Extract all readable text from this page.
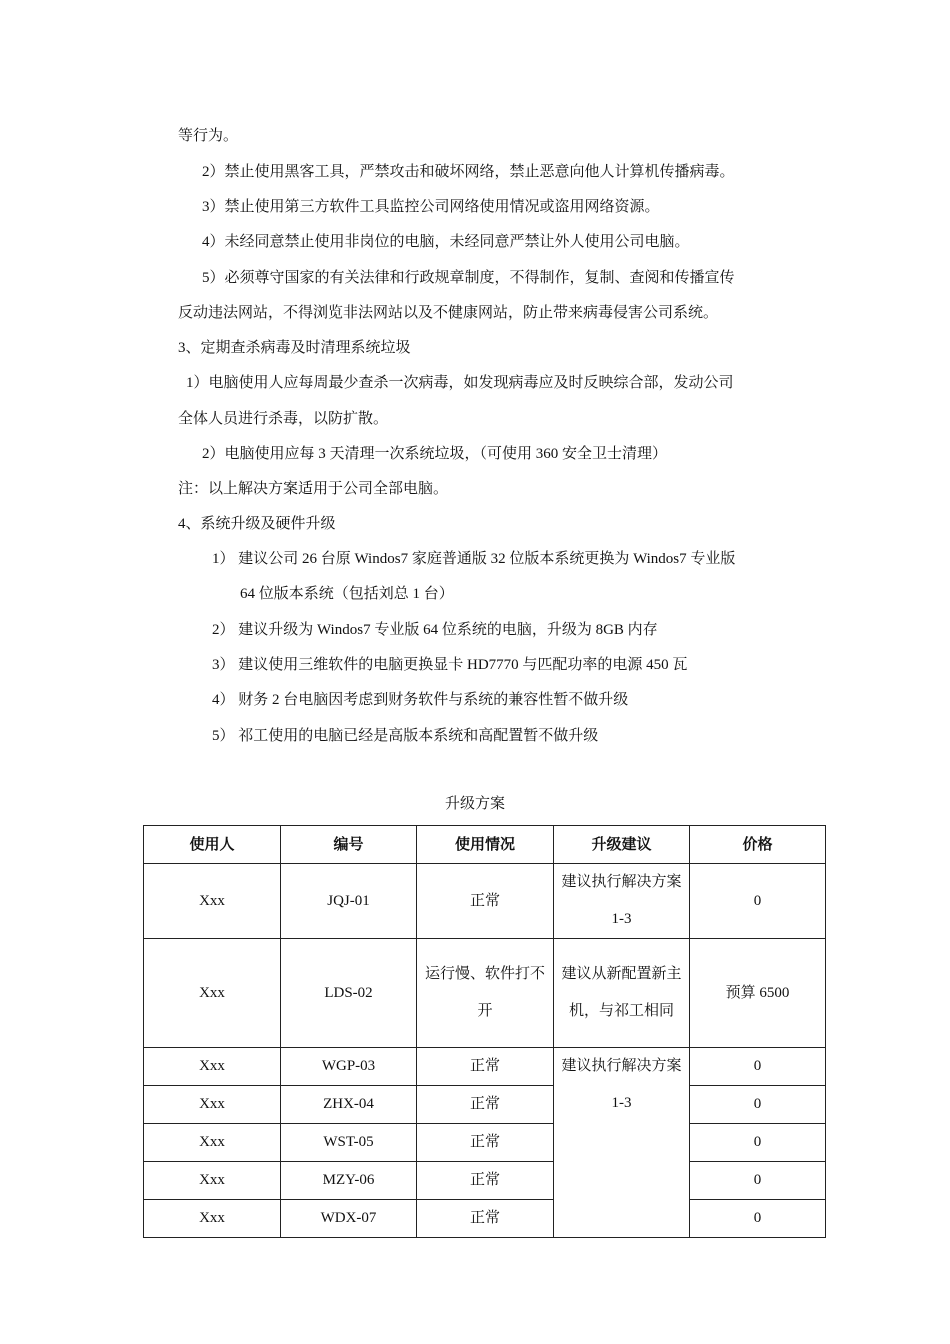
等行为。
2）禁止使用黑客工具，严禁攻击和破坏网络，禁止恶意向他人计算机传播病毒。
3）禁止使用第三方软件工具监控公司网络使用情况或盗用网络资源。
4）未经同意禁止使用非岗位的电脑，未经同意严禁让外人使用公司电脑。
5）必须尊守国家的有关法律和行政规章制度，不得制作，复制、查阅和传播宣传
反动违法网站，不得浏览非法网站以及不健康网站，防止带来病毒侵害公司系统。
3、定期查杀病毒及时清理系统垃圾
1）电脑使用人应每周最少查杀一次病毒，如发现病毒应及时反映综合部，发动公司
全体人员进行杀毒，以防扩散。
2）电脑使用应每 3 天清理一次系统垃圾，（可使用 360 安全卫士清理）
注：以上解决方案适用于公司全部电脑。
4、系统升级及硬件升级
1） 建议公司 26 台原 Windos7 家庭普通版 32 位版本系统更换为 Windos7 专业版
64 位版本系统（包括刘总 1 台）
2） 建议升级为 Windos7 专业版 64 位系统的电脑，升级为 8GB 内存
3） 建议使用三维软件的电脑更换显卡 HD7770 与匹配功率的电源 450 瓦
4） 财务 2 台电脑因考虑到财务软件与系统的兼容性暂不做升级
5） 祁工使用的电脑已经是高版本系统和高配置暂不做升级
升级方案
使用人	编号	使用情况	升级建议	价格
Xxx	JQJ-01	正常	建议执行解决方案 1-3	0
Xxx	LDS-02	运行慢、软件打不开	建议从新配置新主机，与祁工相同	预算 6500
Xxx	WGP-03	正常	建议执行解决方案 1-3	0
Xxx	ZHX-04	正常		0
Xxx	WST-05	正常		0
Xxx	MZY-06	正常		0
Xxx	WDX-07	正常		0
